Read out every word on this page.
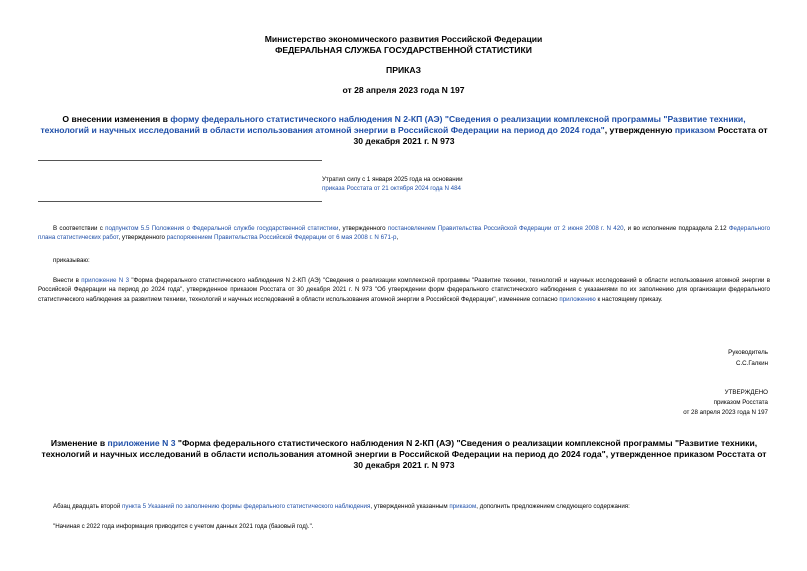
Министерство экономического развития Российской Федерации
ФЕДЕРАЛЬНАЯ СЛУЖБА ГОСУДАРСТВЕННОЙ СТАТИСТИКИ
ПРИКАЗ
от 28 апреля 2023 года N 197
О внесении изменения в форму федерального статистического наблюдения N 2-КП (АЭ) "Сведения о реализации комплексной программы "Развитие техники, технологий и научных исследований в области использования атомной энергии в Российской Федерации на период до 2024 года", утвержденную приказом Росстата от 30 декабря 2021 г. N 973
Утратил силу с 1 января 2025 года на основании
приказа Росстата от 21 октября 2024 года N 484
В соответствии с подпунктом 5.5 Положения о Федеральной службе государственной статистики, утвержденного постановлением Правительства Российской Федерации от 2 июня 2008 г. N 420, и во исполнение подраздела 2.12 Федерального плана статистических работ, утвержденного распоряжением Правительства Российской Федерации от 6 мая 2008 г. N 671-р,
приказываю:
Внести в приложение N 3 "Форма федерального статистического наблюдения N 2-КП (АЭ) "Сведения о реализации комплексной программы "Развитие техники, технологий и научных исследований в области использования атомной энергии в Российской Федерации на период до 2024 года", утвержденное приказом Росстата от 30 декабря 2021 г. N 973 "Об утверждении форм федерального статистического наблюдения с указаниями по их заполнению для организации федерального статистического наблюдения за развитием техники, технологий и научных исследований в области использования атомной энергии в Российской Федерации", изменение согласно приложению к настоящему приказу.
Руководитель
С.С.Галкин
УТВЕРЖДЕНО
приказом Росстата
от 28 апреля 2023 года N 197
Изменение в приложение N 3 "Форма федерального статистического наблюдения N 2-КП (АЭ) "Сведения о реализации комплексной программы "Развитие техники, технологий и научных исследований в области использования атомной энергии в Российской Федерации на период до 2024 года", утвержденное приказом Росстата от 30 декабря 2021 г. N 973
Абзац двадцать второй пункта 5 Указаний по заполнению формы федерального статистического наблюдения, утвержденной указанным приказом, дополнить предложением следующего содержания:
"Начиная с 2022 года информация приводится с учетом данных 2021 года (базовый год).".
